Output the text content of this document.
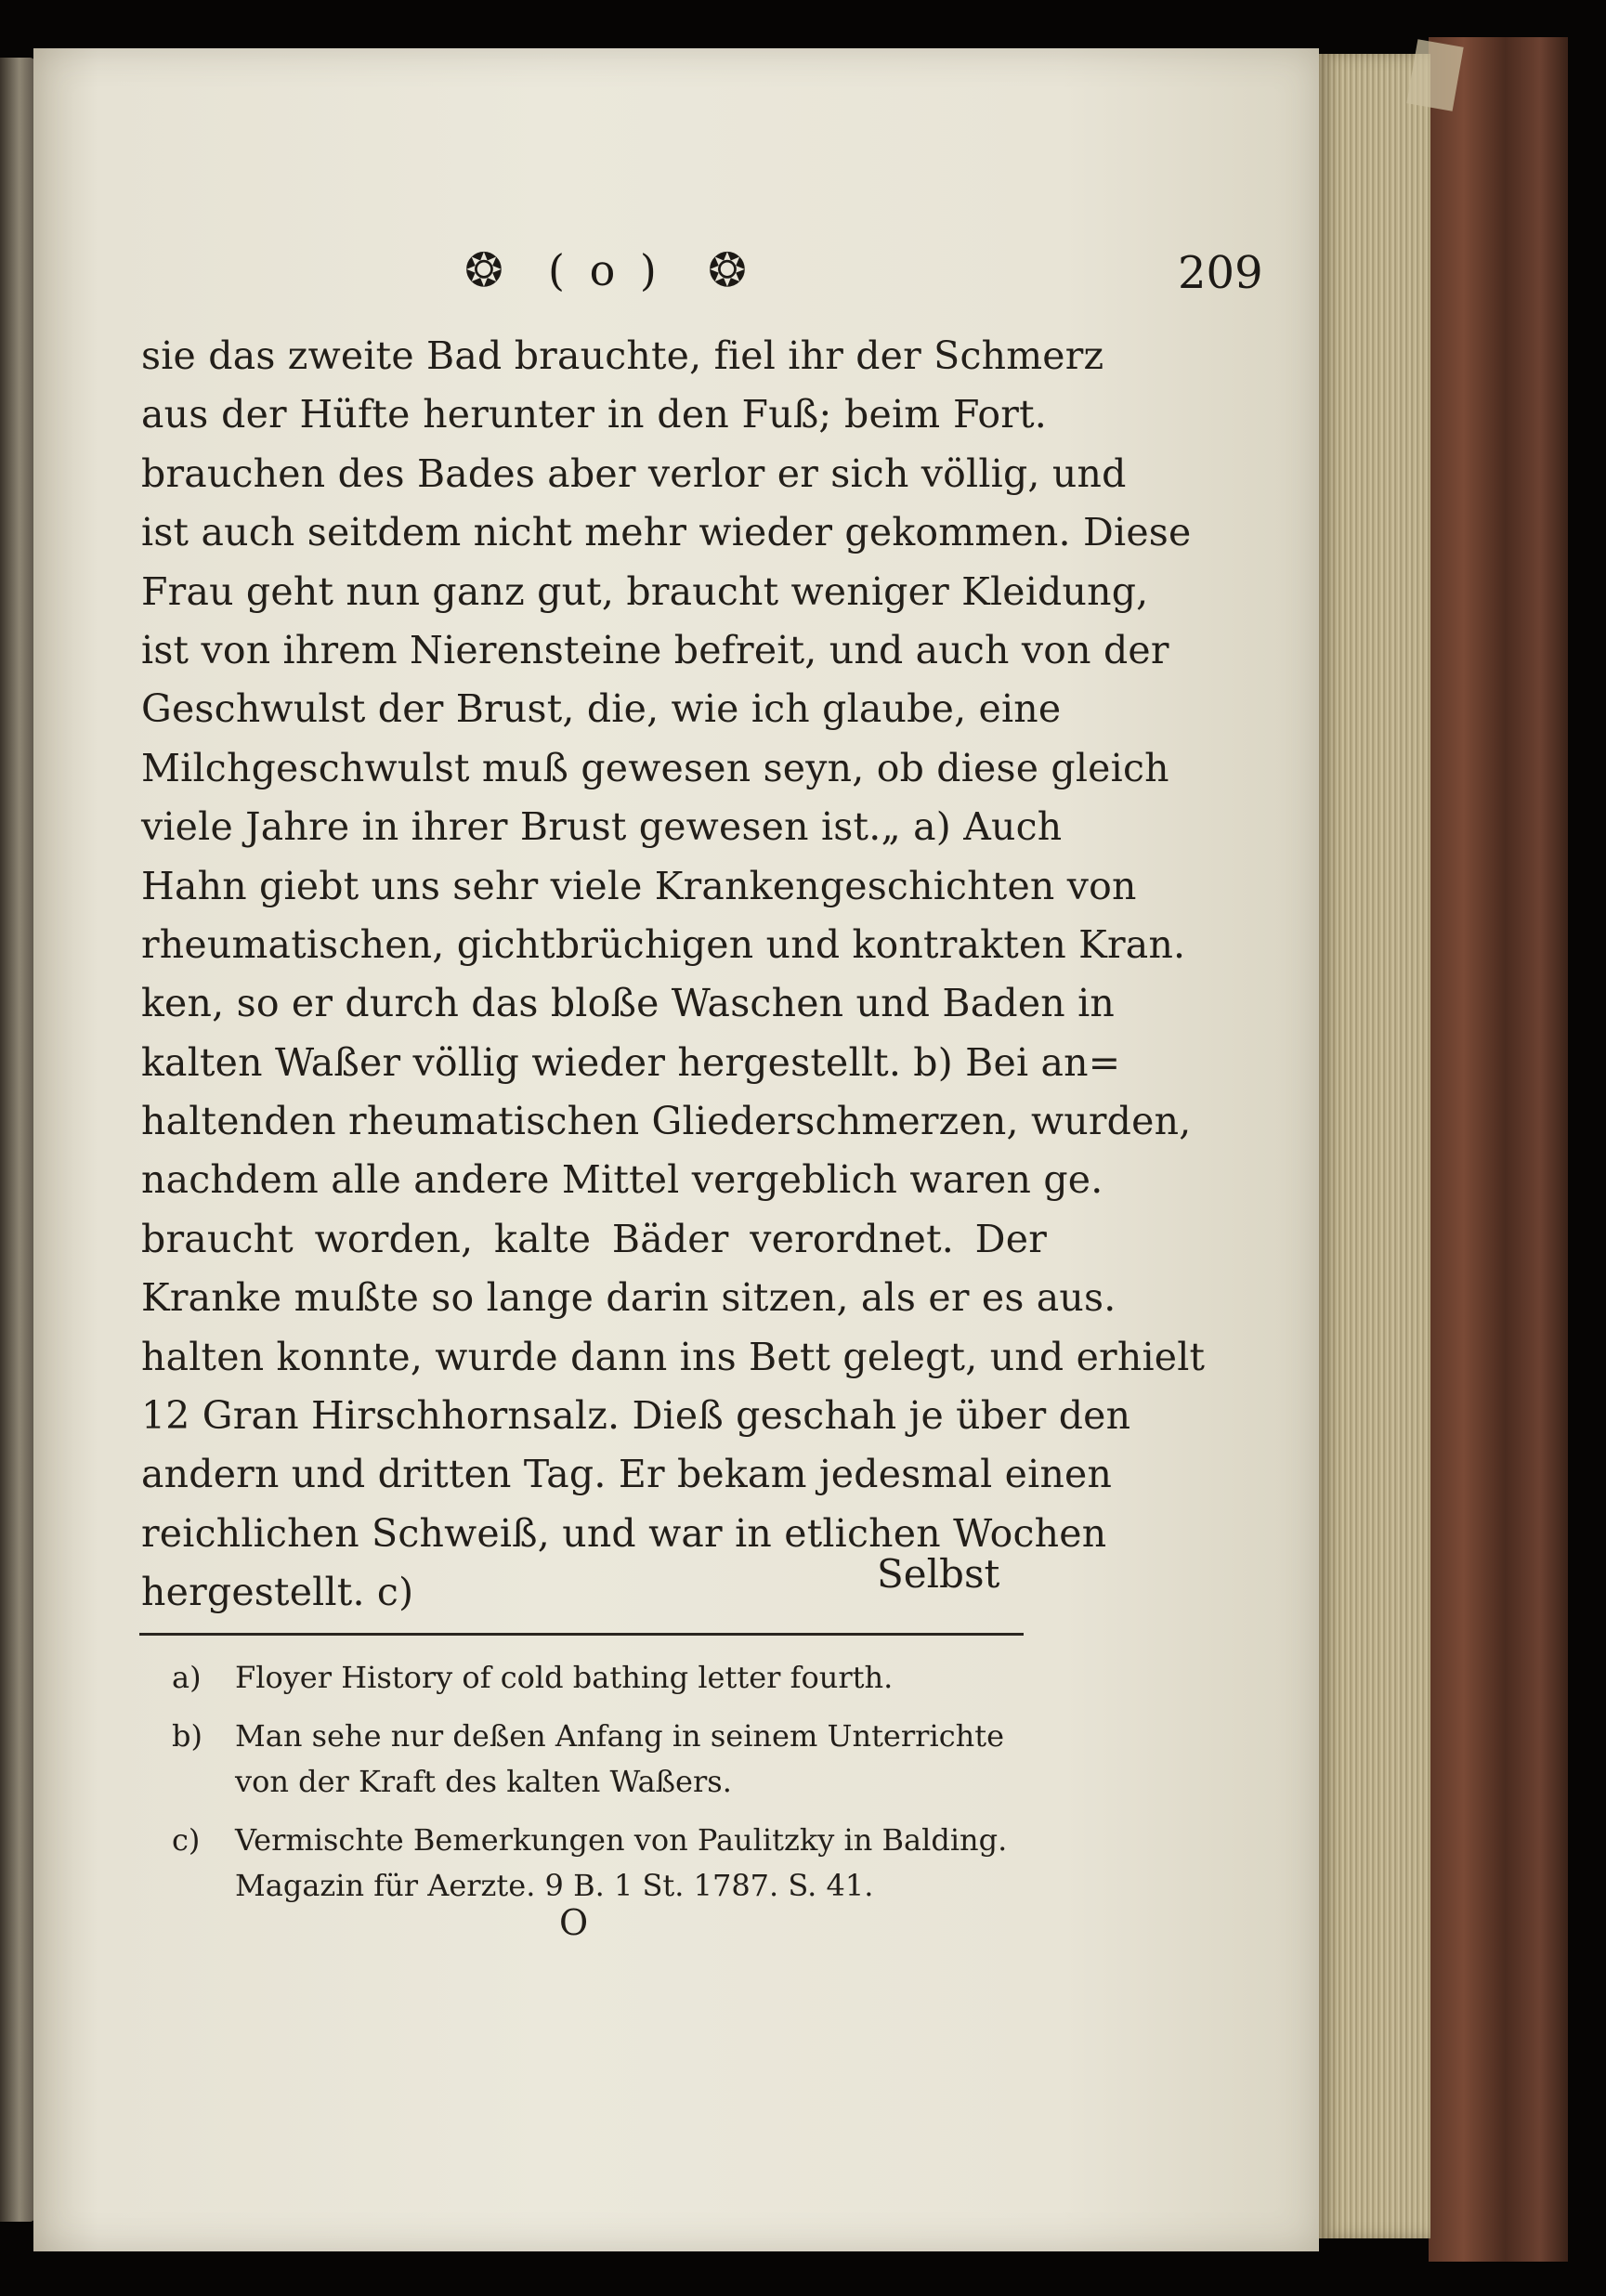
❂ ( o ) ❂	209
sie das zweite Bad brauchte, fiel ihr der Schmerz
aus der Hüfte herunter in den Fuß; beim Fort.
brauchen des Bades aber verlor er sich völlig, und
ist auch seitdem nicht mehr wieder gekommen. Diese
Frau geht nun ganz gut, braucht weniger Kleidung,
ist von ihrem Nierensteine befreit, und auch von der
Geschwulst der Brust, die, wie ich glaube, eine
Milchgeschwulst muß gewesen seyn, ob diese gleich
viele Jahre in ihrer Brust gewesen ist.„ a) Auch
Hahn giebt uns sehr viele Krankengeschichten von
rheumatischen, gichtbrüchigen und kontrakten Kran.
ken, so er durch das bloße Waschen und Baden in
kalten Waßer völlig wieder hergestellt. b) Bei an=
haltenden rheumatischen Gliederschmerzen, wurden,
nachdem alle andere Mittel vergeblich waren ge.
braucht worden, kalte Bäder verordnet. Der
Kranke mußte so lange darin sitzen, als er es aus.
halten konnte, wurde dann ins Bett gelegt, und erhielt
12 Gran Hirschhornsalz. Dieß geschah je über den
andern und dritten Tag. Er bekam jedesmal einen
reichlichen Schweiß, und war in etlichen Wochen
hergestellt. c)	Selbst
a) Floyer History of cold bathing letter fourth.
b) Man sehe nur deßen Anfang in seinem Unterrichte
von der Kraft des kalten Waßers.
c) Vermischte Bemerkungen von Paulitzky in Balding.
Magazin für Aerzte. 9 B. 1 St. 1787. S. 41.
O
